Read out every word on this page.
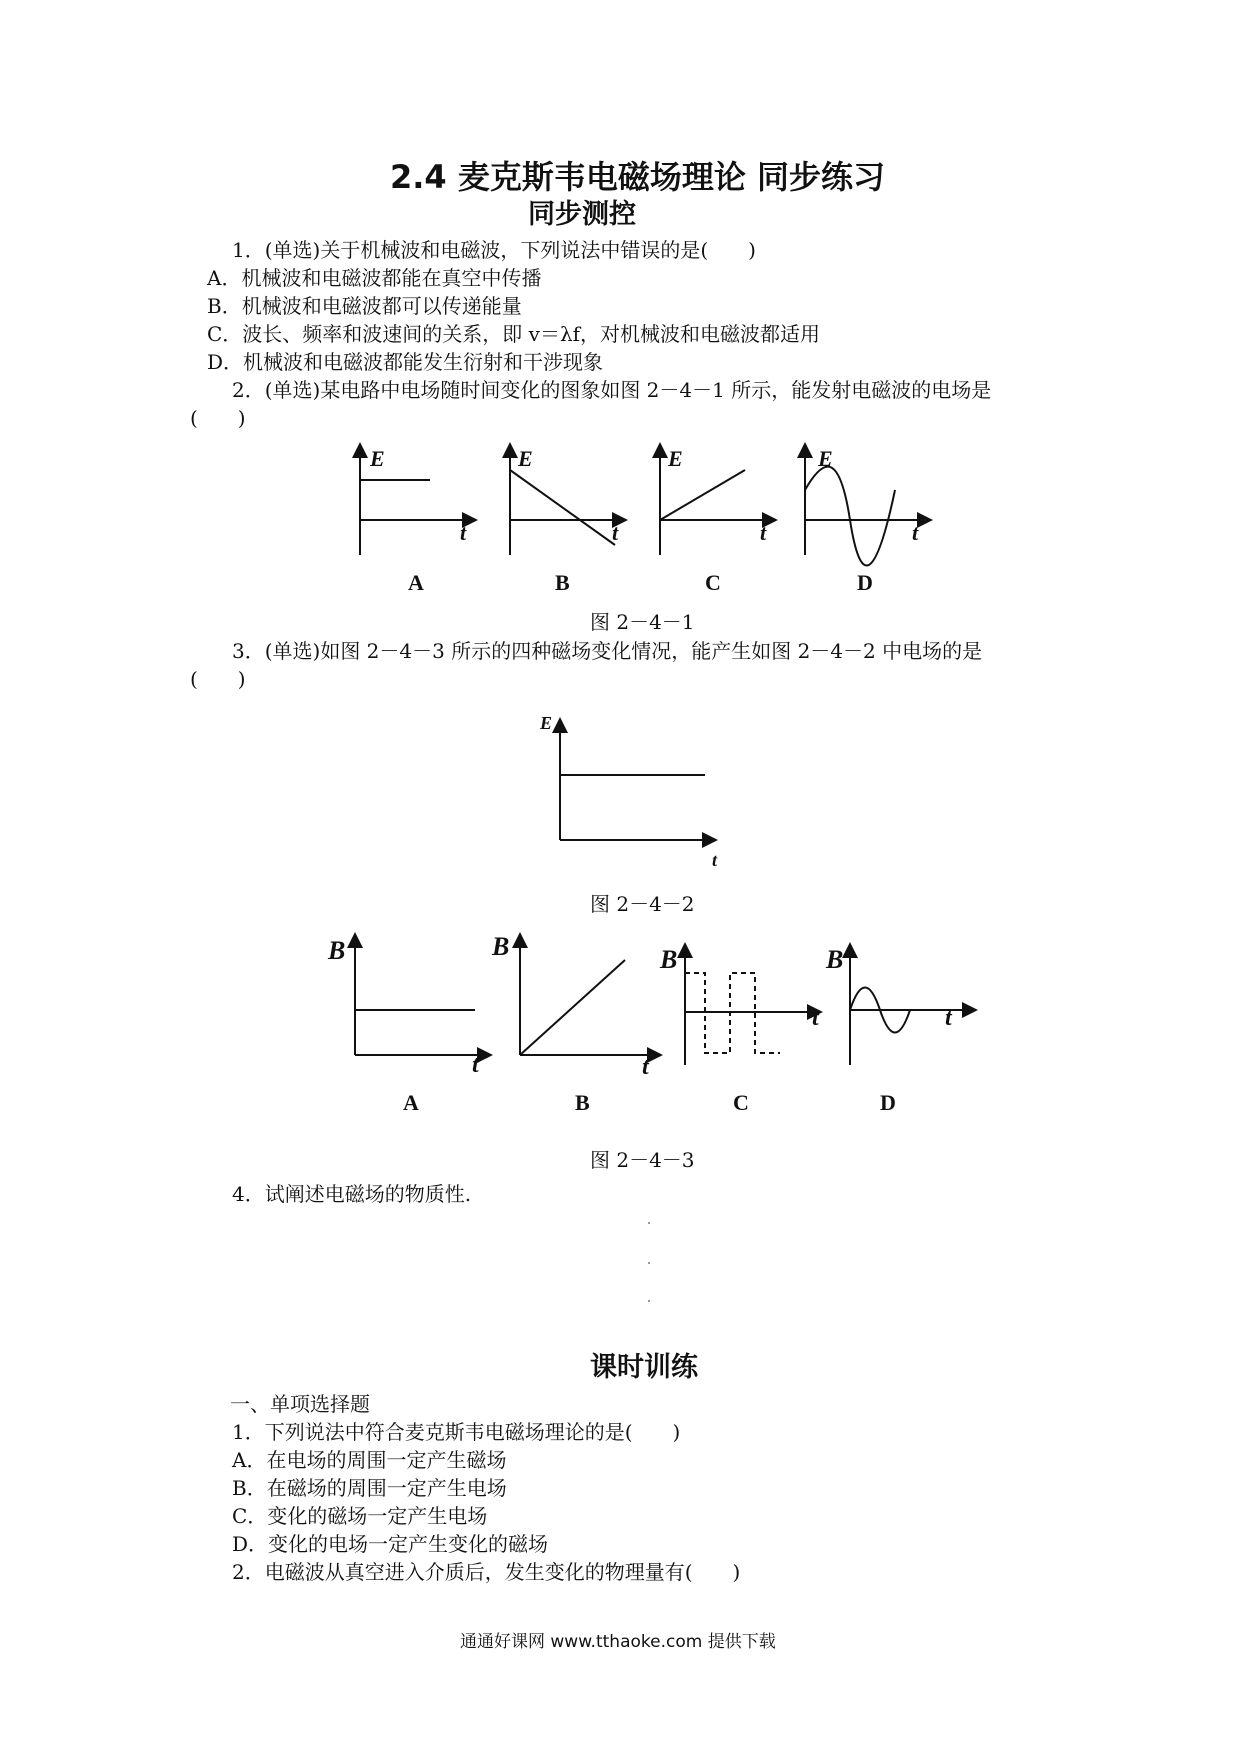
2.4 麦克斯韦电磁场理论 同步练习
同步测控
1．(单选)关于机械波和电磁波，下列说法中错误的是(　　)
A．机械波和电磁波都能在真空中传播
B．机械波和电磁波都可以传递能量
C．波长、频率和波速间的关系，即 v＝λf，对机械波和电磁波都适用
D．机械波和电磁波都能发生衍射和干涉现象
2．(单选)某电路中电场随时间变化的图象如图 2－4－1 所示，能发射电磁波的电场是
(　　)
E
t
A
E
t
B
E
t
C
E
t
D
图 2－4－1
3．(单选)如图 2－4－3 所示的四种磁场变化情况，能产生如图 2－4－2 中电场的是
(　　)
E
t
图 2－4－2
B
t
A
B
t
B
B
t
C
B
t
D
图 2－4－3
4．试阐述电磁场的物质性.
课时训练
一、单项选择题
1．下列说法中符合麦克斯韦电磁场理论的是(　　)
A．在电场的周围一定产生磁场
B．在磁场的周围一定产生电场
C．变化的磁场一定产生电场
D．变化的电场一定产生变化的磁场
2．电磁波从真空进入介质后，发生变化的物理量有(　　)
通通好课网 www.tthaoke.com 提供下载
